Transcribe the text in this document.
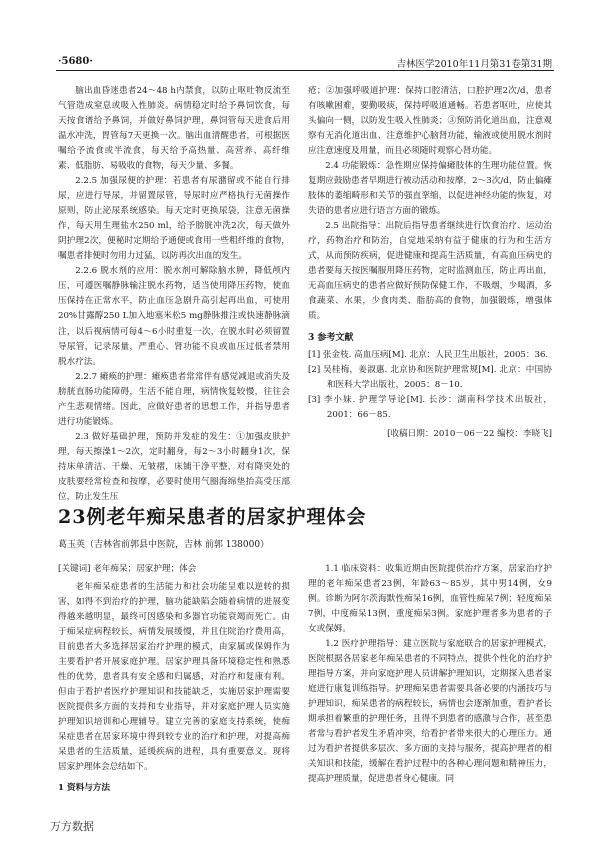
·5680·	吉林医学2010年11月第31卷第31期

脑出血昏迷患者24～48 h内禁食，以防止呕吐物反流至气管造成窒息或吸入性肺炎。病情稳定时给予鼻饲饮食，每天按食谱给予鼻饲，并做好鼻饲护理，鼻饲管每天进食后用温水冲洗，胃管每7天更换一次。脑出血清醒患者，可根据医嘱给予流食或半流食，每天给予高热量、高营养、高纤维素、低脂肪、易吸收的食物，每天少量、多餐。

2.2.5 加强尿便的护理：若患者有尿潴留或不能自行排尿，应进行导尿，并留置尿管，导尿时应严格执行无菌操作原则，防止泌尿系统感染。每天定时更换尿袋，注意无菌操作，每天用生理盐水250 ml，给予膀胱冲洗2次，每天做外阴护理2次，便秘时定期给予通便或食用一些粗纤维的食物，嘱患者排便时勿用力过猛，以防再次出血的发生。

2.2.6 脱水剂的应用：脱水剂可解除脑水肿，降低颅内压，可遵医嘱静脉输注脱水药物，适当使用降压药物，使血压保持在正常水平，防止血压急剧升高引起再出血，可使用20%甘露醇250 L加入地塞米松5 mg静脉推注或快速静脉滴注，以后视病情可每4～6小时重复一次，在脱水时必须留置导尿管，记录尿量，严重心、肾功能不良或血压过低者禁用脱水疗法。

2.2.7 瘫痪的护理：瘫痪患者常常伴有感觉减退或消失及膀胱直肠功能障碍，生活不能自理，病情恢复较慢，往往会产生悲观情绪。因此，应做好患者的思想工作，并指导患者进行功能锻炼。

2.3 做好基础护理，预防并发症的发生：①加强皮肤护理，每天擦澡1～2次，定时翻身，每2～3小时翻身1次，保持床单清洁、干燥、无皱褶，床铺干净平整，对有降突处的皮肤要经常检查和按摩，必要时使用气圈海绵垫抬高受压部位，防止发生压

疮；②加强呼吸道护理：保持口腔清洁，口腔护理2次/d，患者有咳嗽困难，要勤吸痰，保持呼吸道通畅。若患者呕吐，应使其头偏向一侧，以防发生吸入性肺炎；③预防消化道出血，注意观察有无消化道出血、注意维护心脑肾功能，输液或使用脱水剂时应注意速度及用量，而且必须随时观察心肾功能。

2.4 功能锻炼：急性期应保持偏瘫肢体的生理功能位置。恢复期应鼓励患者早期进行被动活动和按摩，2～3次/d，防止偏瘫肢体的萎缩畸形和关节的强直挛缩，以促进神经功能的恢复，对失语的患者应进行语言方面的锻炼。

2.5 出院指导：出院后指导患者继续进行饮食治疗、运动治疗，药物治疗和防治，自觉地采纳有益于健康的行为和生活方式，从而预防疾病，促进健康和提高生活质量，有高血压病史的患者要每天按医嘱服用降压药物，定时监测血压，防止再出血，无高血压病史的患者应做好预防保健工作，不吸烟，少喝酒，多食蔬菜、水果，少食肉类、脂肪高的食物，加强锻炼，增强体质。

3 参考文献
[1] 张金枝. 高血压病[M]. 北京：人民卫生出版社，2005：36.
[2] 吴桂梅，姜淑惠. 北京协和医院护理常规[M]. 北京：中国协和医科大学出版社，2005：8－10.
[3] 李小妹. 护理学导论[M]. 长沙：湖南科学技术出版社，2001：66－85.
[收稿日期：2010－06－22 编校：李晓飞]
23例老年痴呆患者的居家护理体会
葛玉英（吉林省前郭县中医院，吉林 前郭 138000）

[关键词] 老年痴呆；居家护理；体会

老年痴呆症患者的生活能力和社会功能呈难以逆转的损害，如得不到治疗的护理，脑功能缺陷会随着病情的进展变得越来越明显，最终可因感染和多器官功能衰竭而死亡。由于痴呆症病程较长，病情发展缓慢，并且住院治疗费用高，目前患者大多选择居家治疗护理的模式，由家属或保姆作为主要看护者开展家庭护理。居家护理具备环境稳定性和熟悉性的优势，患者具有安全感和归属感，对治疗和复康有利。但由于看护者医疗护理知识和技能缺乏，实施居家护理需要医院提供多方面的支持和专业指导，并对家庭护理人员实施护理知识培训和心理辅导。建立完善的家庭支持系统，使痴呆症患者在居家环境中得到较专业的治疗和护理，对提高痴呆患者的生活质量，延缓疾病的进程，具有重要意义。现将居家护理体会总结如下。

1 资料与方法

1.1 临床资料：收集近期由医院提供治疗方案，居家治疗护理的老年痴呆患者23例，年龄63～85岁，其中男14例，女9例。诊断为阿尔茨海默性痴呆16例，血管性痴呆7例；轻度痴呆7例，中度痴呆13例，重度痴呆3例。家庭护理者多为患者的子女或保姆。

1.2 医疗护理指导：建立医院与家庭联合的居家护理模式，医院根据各居家老年痴呆患者的不同特点，提供个性化的治疗护理指导方案，并向家庭护理人员讲解护理知识，定期探入患者家庭进行康复训练指导。护理痴呆患者需要具备必要的内涵技巧与护理知识，痴呆患者的病程较长，病情也会逐渐加重，看护者长期承担着繁重的护理任务，且得不到患者的感激与合作，甚至患者常与看护者发生矛盾冲突，给看护者带来很大的心理压力。通过为看护者提供多层次、多方面的支持与服务，提高护理者的相关知识和技能，缓解在看护过程中的各种心理问题和精神压力，提高护理质量，促进患者身心健康。同

万方数据
